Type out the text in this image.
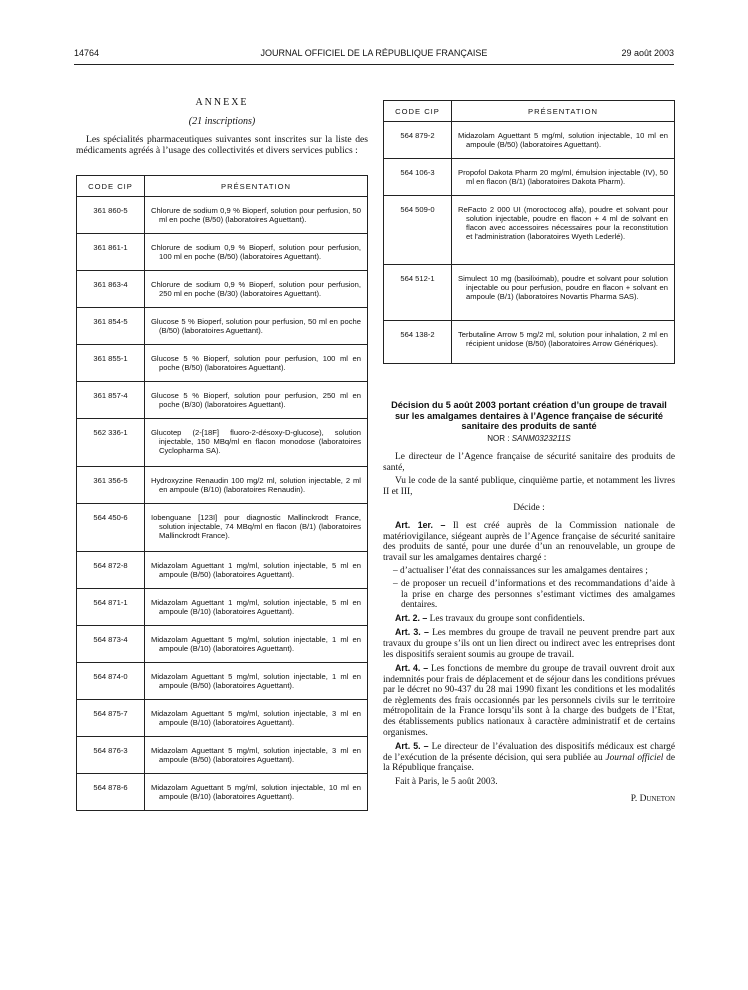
14764	JOURNAL OFFICIEL DE LA RÉPUBLIQUE FRANÇAISE	29 août 2003
ANNEXE
(21 inscriptions)
Les spécialités pharmaceutiques suivantes sont inscrites sur la liste des médicaments agréés à l’usage des collectivités et divers services publics :
CODE CIP	PRÉSENTATION
361 860-5	Chlorure de sodium 0,9 % Bioperf, solution pour perfusion, 50 ml en poche (B/50) (laboratoires Aguettant).

361 861-1	Chlorure de sodium 0,9 % Bioperf, solution pour perfusion, 100 ml en poche (B/50) (laboratoires Aguettant).

361 863-4	Chlorure de sodium 0,9 % Bioperf, solution pour perfusion, 250 ml en poche (B/30) (laboratoires Aguettant).

361 854-5	Glucose 5 % Bioperf, solution pour perfusion, 50 ml en poche (B/50) (laboratoires Aguettant).

361 855-1	Glucose 5 % Bioperf, solution pour perfusion, 100 ml en poche (B/50) (laboratoires Aguettant).

361 857-4	Glucose 5 % Bioperf, solution pour perfusion, 250 ml en poche (B/30) (laboratoires Aguettant).

562 336-1	Glucotep (2-[18F] fluoro-2-désoxy-D-glucose), solution injectable, 150 MBq/ml en flacon monodose (laboratoires Cyclopharma SA).

361 356-5	Hydroxyzine Renaudin 100 mg/2 ml, solution injectable, 2 ml en ampoule (B/10) (laboratoires Renaudin).

564 450-6	Iobenguane [123I] pour diagnostic Mallinckrodt France, solution injectable, 74 MBq/ml en flacon (B/1) (laboratoires Mallinckrodt France).

564 872-8	Midazolam Aguettant 1 mg/ml, solution injectable, 5 ml en ampoule (B/50) (laboratoires Aguettant).

564 871-1	Midazolam Aguettant 1 mg/ml, solution injectable, 5 ml en ampoule (B/10) (laboratoires Aguettant).

564 873-4	Midazolam Aguettant 5 mg/ml, solution injectable, 1 ml en ampoule (B/10) (laboratoires Aguettant).

564 874-0	Midazolam Aguettant 5 mg/ml, solution injectable, 1 ml en ampoule (B/50) (laboratoires Aguettant).

564 875-7	Midazolam Aguettant 5 mg/ml, solution injectable, 3 ml en ampoule (B/10) (laboratoires Aguettant).

564 876-3	Midazolam Aguettant 5 mg/ml, solution injectable, 3 ml en ampoule (B/50) (laboratoires Aguettant).

564 878-6	Midazolam Aguettant 5 mg/ml, solution injectable, 10 ml en ampoule (B/10) (laboratoires Aguettant).
CODE CIP	PRÉSENTATION
564 879-2	Midazolam Aguettant 5 mg/ml, solution injectable, 10 ml en ampoule (B/50) (laboratoires Aguettant).

564 106-3	Propofol Dakota Pharm 20 mg/ml, émulsion injectable (IV), 50 ml en flacon (B/1) (laboratoires Dakota Pharm).

564 509-0	ReFacto 2 000 UI (moroctocog alfa), poudre et solvant pour solution injectable, poudre en flacon + 4 ml de solvant en flacon avec accessoires nécessaires pour la reconstitution et l’administration (laboratoires Wyeth Lederlé).

564 512-1	Simulect 10 mg (basiliximab), poudre et solvant pour solution injectable ou pour perfusion, poudre en flacon + solvant en ampoule (B/1) (laboratoires Novartis Pharma SAS).

564 138-2	Terbutaline Arrow 5 mg/2 ml, solution pour inhalation, 2 ml en récipient unidose (B/50) (laboratoires Arrow Génériques).
Décision du 5 août 2003 portant création d’un groupe de travail sur les amalgames dentaires à l’Agence française de sécurité sanitaire des produits de santé
NOR : SANM0323211S

Le directeur de l’Agence française de sécurité sanitaire des produits de santé,

Vu le code de la santé publique, cinquième partie, et notamment les livres II et III,

Décide :

Art. 1er. – Il est créé auprès de la Commission nationale de matériovigilance, siégeant auprès de l’Agence française de sécurité sanitaire des produits de santé, pour une durée d’un an renouvelable, un groupe de travail sur les amalgames dentaires chargé :

– d’actualiser l’état des connaissances sur les amalgames dentaires ;

– de proposer un recueil d’informations et des recommandations d’aide à la prise en charge des personnes s’estimant victimes des amalgames dentaires.

Art. 2. – Les travaux du groupe sont confidentiels.

Art. 3. – Les membres du groupe de travail ne peuvent prendre part aux travaux du groupe s’ils ont un lien direct ou indirect avec les entreprises dont les dispositifs seraient soumis au groupe de travail.

Art. 4. – Les fonctions de membre du groupe de travail ouvrent droit aux indemnités pour frais de déplacement et de séjour dans les conditions prévues par le décret no 90-437 du 28 mai 1990 fixant les conditions et les modalités de règlements des frais occasionnés par les personnels civils sur le territoire métropolitain de la France lorsqu’ils sont à la charge des budgets de l’Etat, des établissements publics nationaux à caractère administratif et de certains organismes.

Art. 5. – Le directeur de l’évaluation des dispositifs médicaux est chargé de l’exécution de la présente décision, qui sera publiée au Journal officiel de la République française.

Fait à Paris, le 5 août 2003.

P. Duneton
